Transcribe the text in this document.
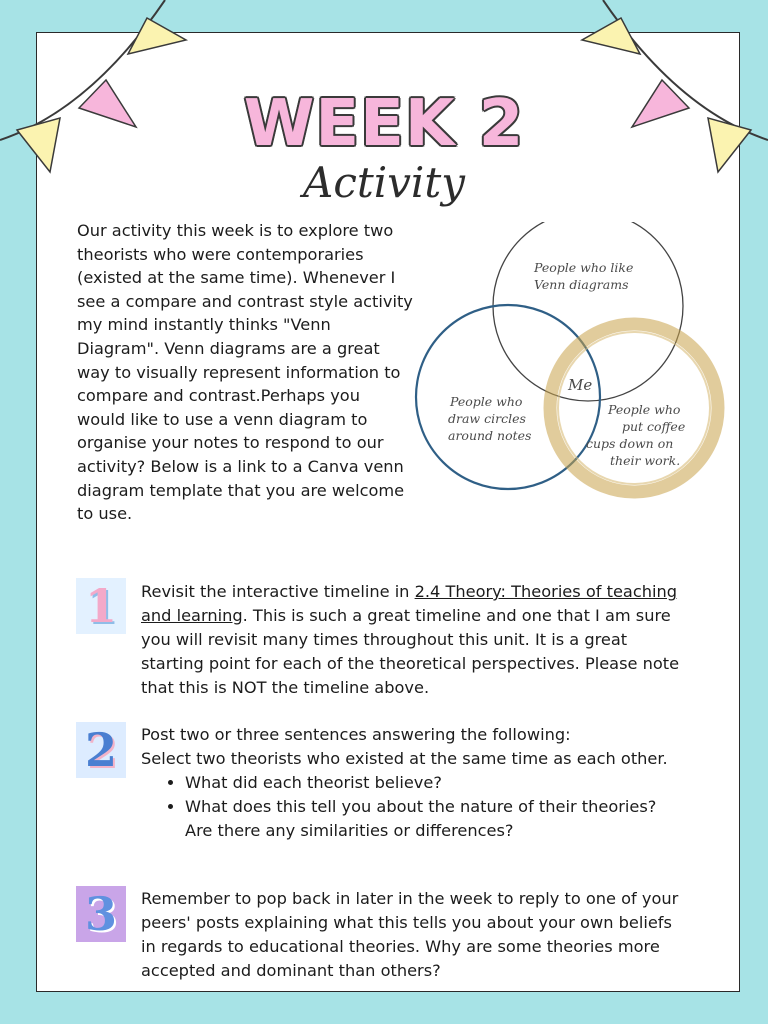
WEEK 2
Activity

Our activity this week is to explore two theorists who were contemporaries (existed at the same time). Whenever I see a compare and contrast style activity my mind instantly thinks "Venn Diagram". Venn diagrams are a great way to visually represent information to compare and contrast.Perhaps you would like to use a venn diagram to organise your notes to respond to our activity? Below is a link to a Canva venn diagram template that you are welcome to use.

People who like Venn diagrams
People who draw circles around notes
People who put coffee cups down on their work.
Me
1	Revisit the interactive timeline in 2.4 Theory: Theories of teaching and learning. This is such a great timeline and one that I am sure you will revisit many times throughout this unit. It is a great starting point for each of the theoretical perspectives. Please note that this is NOT the timeline above.

2	Post two or three sentences answering the following:
Select two theorists who existed at the same time as each other.
• What did each theorist believe?
• What does this tell you about the nature of their theories? Are there any similarities or differences?
3	Remember to pop back in later in the week to reply to one of your peers' posts explaining what this tells you about your own beliefs in regards to educational theories. Why are some theories more accepted and dominant than others?
